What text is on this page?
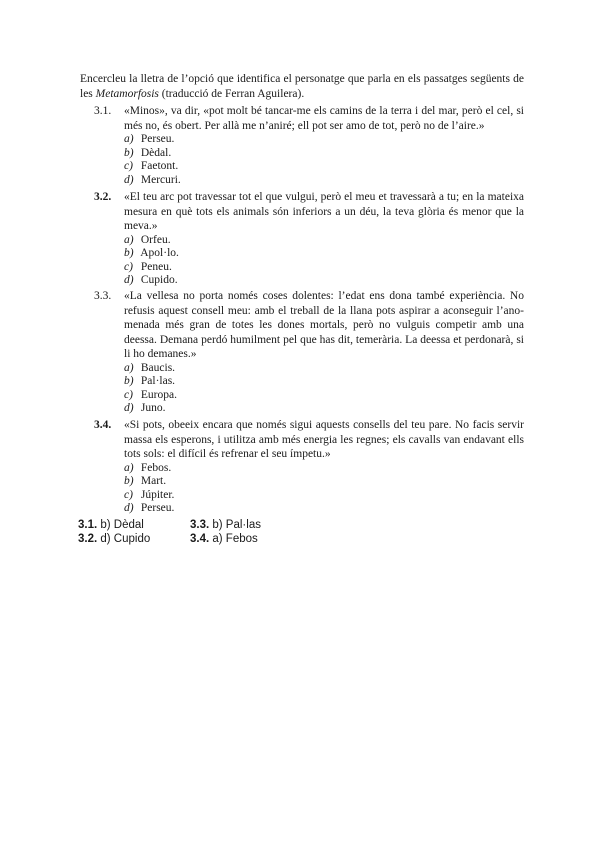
Encercleu la lletra de l’opció que identifica el personatge que parla en els passatges següents de les Metamorfosis (traducció de Ferran Aguilera).

3.1.	«Minos», va dir, «pot molt bé tancar-me els camins de la terra i del mar, però el cel, si més no, és obert. Per allà me n’aniré; ell pot ser amo de tot, però no de l’aire.»
a) Perseu.
b) Dèdal.
c) Faetont.
d) Mercuri.
3.2.	«El teu arc pot travessar tot el que vulgui, però el meu et travessarà a tu; en la mateixa mesura en què tots els animals són inferiors a un déu, la teva glòria és menor que la meva.»
a) Orfeu.
b) Apol·lo.
c) Peneu.
d) Cupido.
3.3.	«La vellesa no porta només coses dolentes: l’edat ens dona també experiència. No refusis aquest consell meu: amb el treball de la llana pots aspirar a aconseguir l’anomenada més gran de totes les dones mortals, però no vulguis competir amb una deessa. Demana perdó humilment pel que has dit, temerària. La deessa et perdonarà, si li ho demanes.»
a) Baucis.
b) Pal·las.
c) Europa.
d) Juno.
3.4.	«Si pots, obeeix encara que només sigui aquests consells del teu pare. No facis servir massa els esperons, i utilitza amb més energia les regnes; els cavalls van endavant ells tots sols: el difícil és refrenar el seu ímpetu.»
a) Febos.
b) Mart.
c) Júpiter.
d) Perseu.
3.1. b) Dèdal	3.3. b) Pal·las
3.2. d) Cupido	3.4. a) Febos
